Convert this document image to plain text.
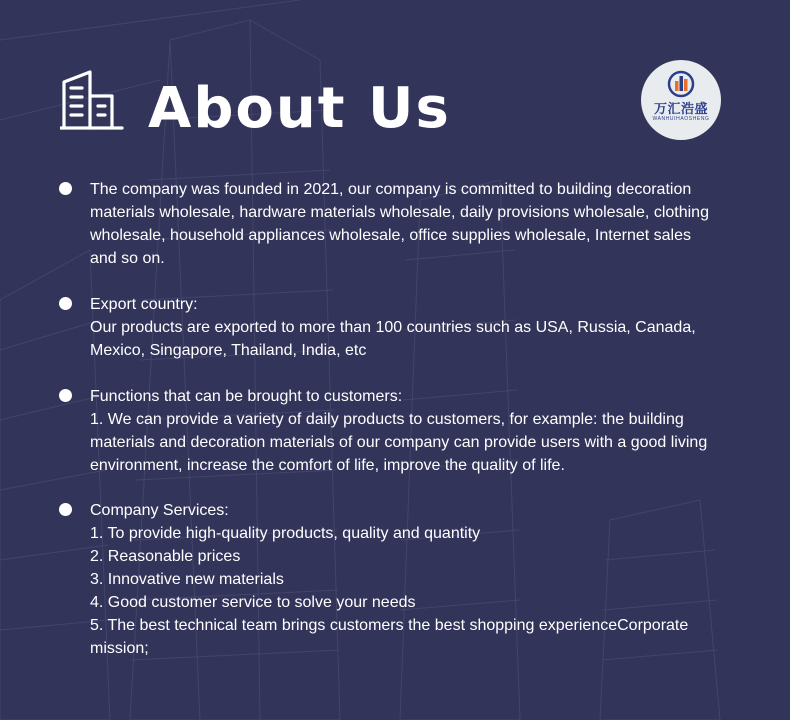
About Us	万汇浩盛
WANHUIHAOSHENG
The company was founded in 2021, our company is committed to building decoration
materials wholesale, hardware materials wholesale, daily provisions wholesale, clothing
wholesale, household appliances wholesale, office supplies wholesale, Internet sales
and so on.
Export country:
Our products are exported to more than 100 countries such as USA, Russia, Canada,
Mexico, Singapore, Thailand, India, etc
Functions that can be brought to customers:
1. We can provide a variety of daily products to customers, for example: the building
materials and decoration materials of our company can provide users with a good living
environment, increase the comfort of life, improve the quality of life.
Company Services:
1. To provide high-quality products, quality and quantity
2. Reasonable prices
3. Innovative new materials
4. Good customer service to solve your needs
5. The best technical team brings customers the best shopping experienceCorporate
mission;
